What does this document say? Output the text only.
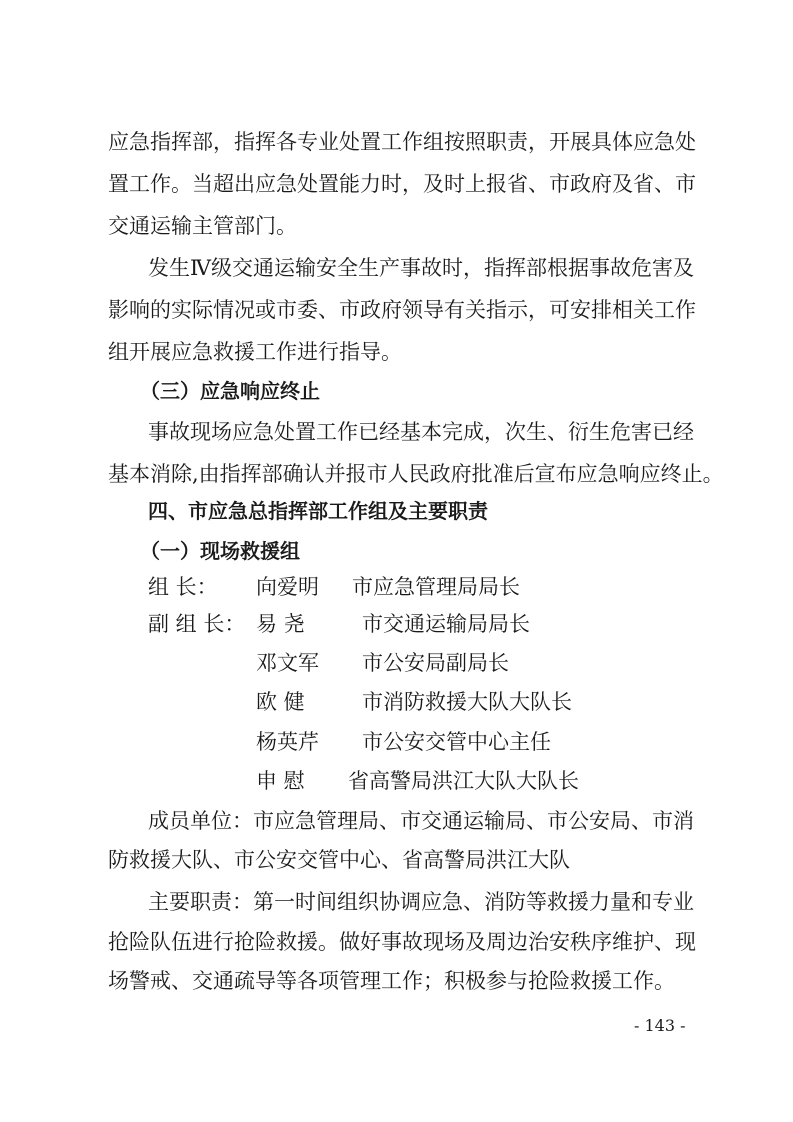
应急指挥部，指挥各专业处置工作组按照职责，开展具体应急处
置工作。当超出应急处置能力时，及时上报省、市政府及省、市
交通运输主管部门。
发生Ⅳ级交通运输安全生产事故时，指挥部根据事故危害及
影响的实际情况或市委、市政府领导有关指示，可安排相关工作
组开展应急救援工作进行指导。
（三）应急响应终止
事故现场应急处置工作已经基本完成，次生、衍生危害已经
基本消除,由指挥部确认并报市人民政府批准后宣布应急响应终止。
四、市应急总指挥部工作组及主要职责
（一）现场救援组
组 长： 向爱明 市应急管理局局长
副 组 长： 易 尧	市交通运输局局长
邓文军 市公安局副局长
欧 健	市消防救援大队大队长
杨英芹 市公安交管中心主任
申 慰 省高警局洪江大队大队长
成员单位：市应急管理局、市交通运输局、市公安局、市消
防救援大队、市公安交管中心、省高警局洪江大队
主要职责：第一时间组织协调应急、消防等救援力量和专业
抢险队伍进行抢险救援。做好事故现场及周边治安秩序维护、现
场警戒、交通疏导等各项管理工作；积极参与抢险救援工作。
- 143 -
